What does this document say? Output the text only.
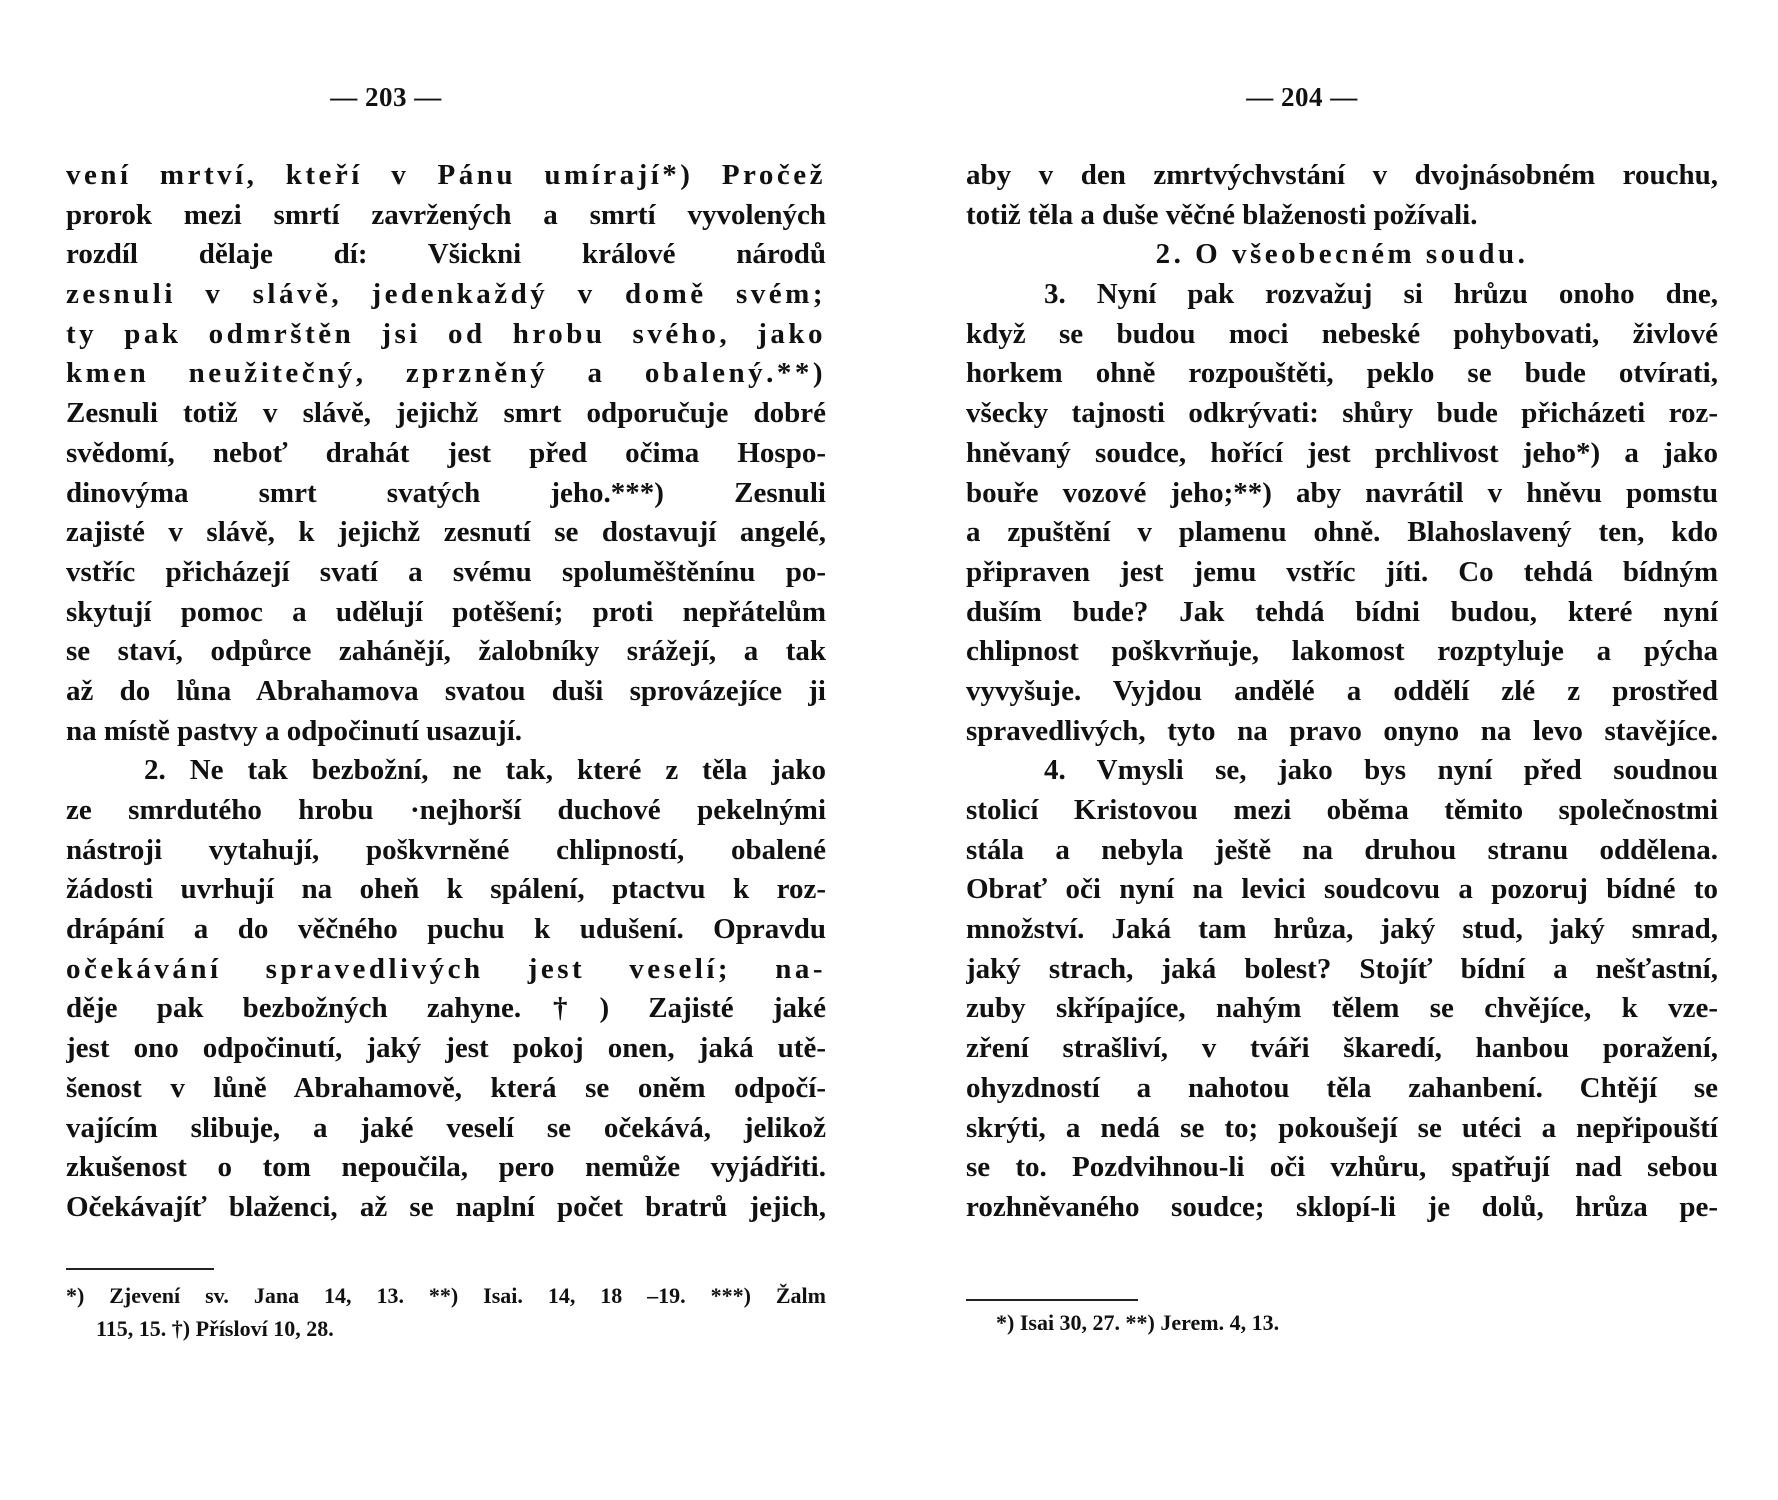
— 203 —
vení mrtví, kteří v Pánu umírají*) Pročež
prorok mezi smrtí zavržených a smrtí vyvolených
rozdíl dělaje dí: Všickni králové národů
zesnuli v slávě, jedenkaždý v domě svém;
ty pak odmrštěn jsi od hrobu svého, jako
kmen neužitečný, zprzněný a obalený.**)
Zesnuli totiž v slávě, jejichž smrt odporučuje dobré
svědomí, neboť drahát jest před očima Hospo-
dinovýma smrt svatých jeho.***) Zesnuli
zajisté v slávě, k jejichž zesnutí se dostavují angelé,
vstříc přicházejí svatí a svému spoluměštěnínu po-
skytují pomoc a udělují potěšení; proti nepřátelům
se staví, odpůrce zahánějí, žalobníky srážejí, a tak
až do lůna Abrahamova svatou duši sprovázejíce ji
na místě pastvy a odpočinutí usazují.
2. Ne tak bezbožní, ne tak, které z těla jako
ze smrdutého hrobu ·nejhorší duchové pekelnými
nástroji vytahují, poškvrněné chlipností, obalené
žádosti uvrhují na oheň k spálení, ptactvu k roz-
drápání a do věčného puchu k udušení. Opravdu
očekávání spravedlivých jest veselí; na-
děje pak bezbožných zahyne.†) Zajisté jaké
jest ono odpočinutí, jaký jest pokoj onen, jaká utě-
šenost v lůně Abrahamově, která se oněm odpočí-
vajícím slibuje, a jaké veselí se očekává, jelikož
zkušenost o tom nepoučila, pero nemůže vyjádřiti.
Očekávajíť blaženci, až se naplní počet bratrů jejich,
*) Zjevení sv. Jana 14, 13. **) Isai. 14, 18 –19. ***) Žalm
115, 15. †) Přísloví 10, 28.
— 204 —
aby v den zmrtvýchvstání v dvojnásobném rouchu,
totiž těla a duše věčné blaženosti požívali.
2. O všeobecném soudu.
3. Nyní pak rozvažuj si hrůzu onoho dne,
když se budou moci nebeské pohybovati, živlové
horkem ohně rozpouštěti, peklo se bude otvírati,
všecky tajnosti odkrývati: shůry bude přicházeti roz-
hněvaný soudce, hořící jest prchlivost jeho*) a jako
bouře vozové jeho;**) aby navrátil v hněvu pomstu
a zpuštění v plamenu ohně. Blahoslavený ten, kdo
připraven jest jemu vstříc jíti. Co tehdá bídným
duším bude? Jak tehdá bídni budou, které nyní
chlipnost poškvrňuje, lakomost rozptyluje a pýcha
vyvyšuje. Vyjdou andělé a oddělí zlé z prostřed
spravedlivých, tyto na pravo onyno na levo stavějíce.
4. Vmysli se, jako bys nyní před soudnou
stolicí Kristovou mezi oběma těmito společnostmi
stála a nebyla ještě na druhou stranu oddělena.
Obrať oči nyní na levici soudcovu a pozoruj bídné to
množství. Jaká tam hrůza, jaký stud, jaký smrad,
jaký strach, jaká bolest? Stojíť bídní a nešťastní,
zuby skřípajíce, nahým tělem se chvějíce, k vze-
zření strašliví, v tváři škaredí, hanbou poražení,
ohyzdností a nahotou těla zahanbení. Chtějí se
skrýti, a nedá se to; pokoušejí se utéci a nepřipouští
se to. Pozdvihnou-li oči vzhůru, spatřují nad sebou
rozhněvaného soudce; sklopí-li je dolů, hrůza pe-
*) Isai 30, 27. **) Jerem. 4, 13.
